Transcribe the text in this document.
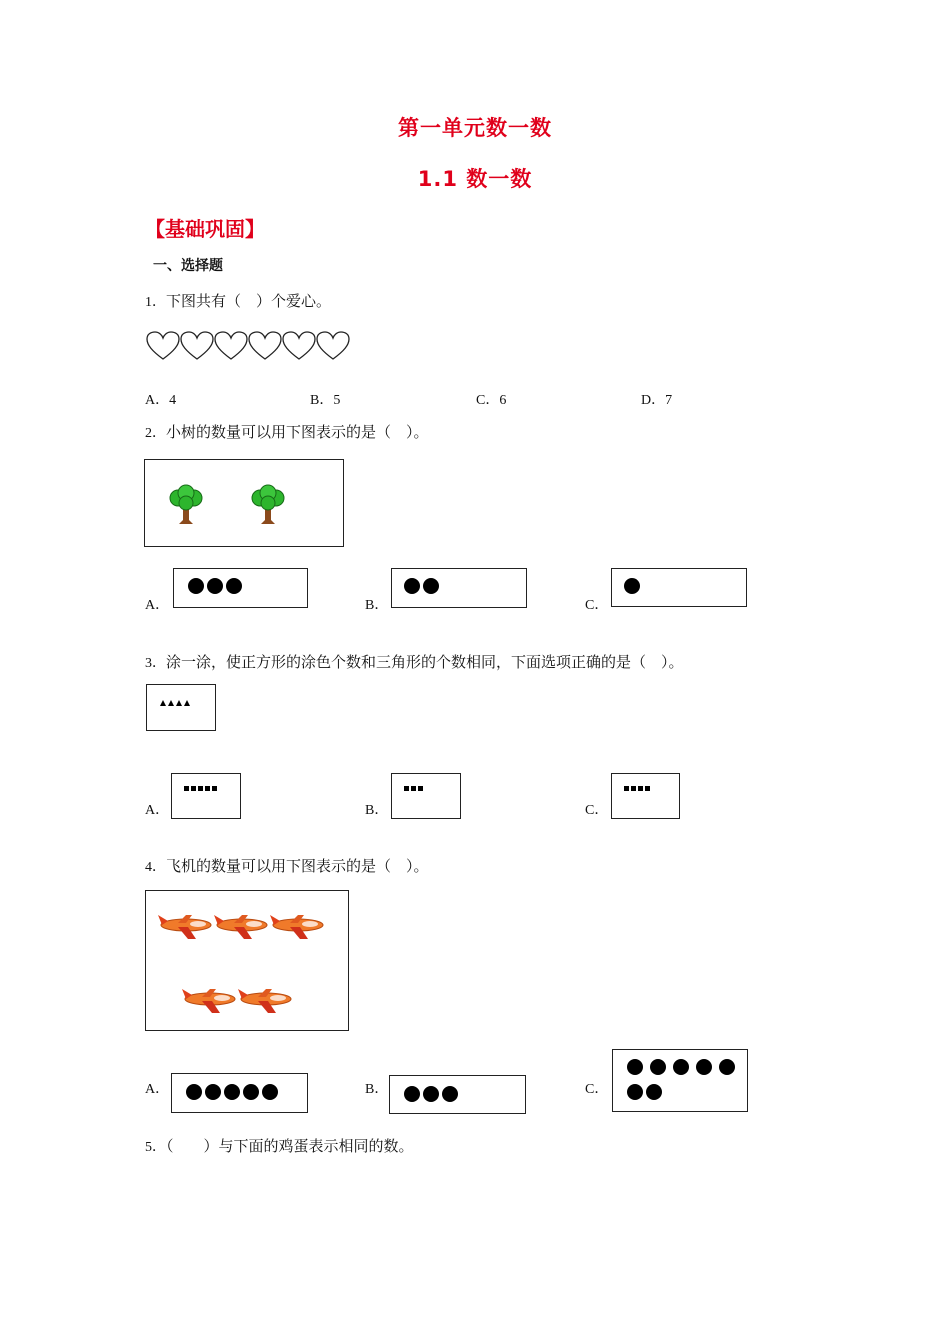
第一单元数一数
1.1 数一数
【基础巩固】
一、选择题
1．下图共有（　）个爱心。
A．4	B．5	C．6	D．7
2．小树的数量可以用下图表示的是（　）。
A．	B．	C．
3．涂一涂，使正方形的涂色个数和三角形的个数相同，下面选项正确的是（　）。
A．	B．	C．
4．飞机的数量可以用下图表示的是（　）。
A．	B．	C．
5．（　　）与下面的鸡蛋表示相同的数。
